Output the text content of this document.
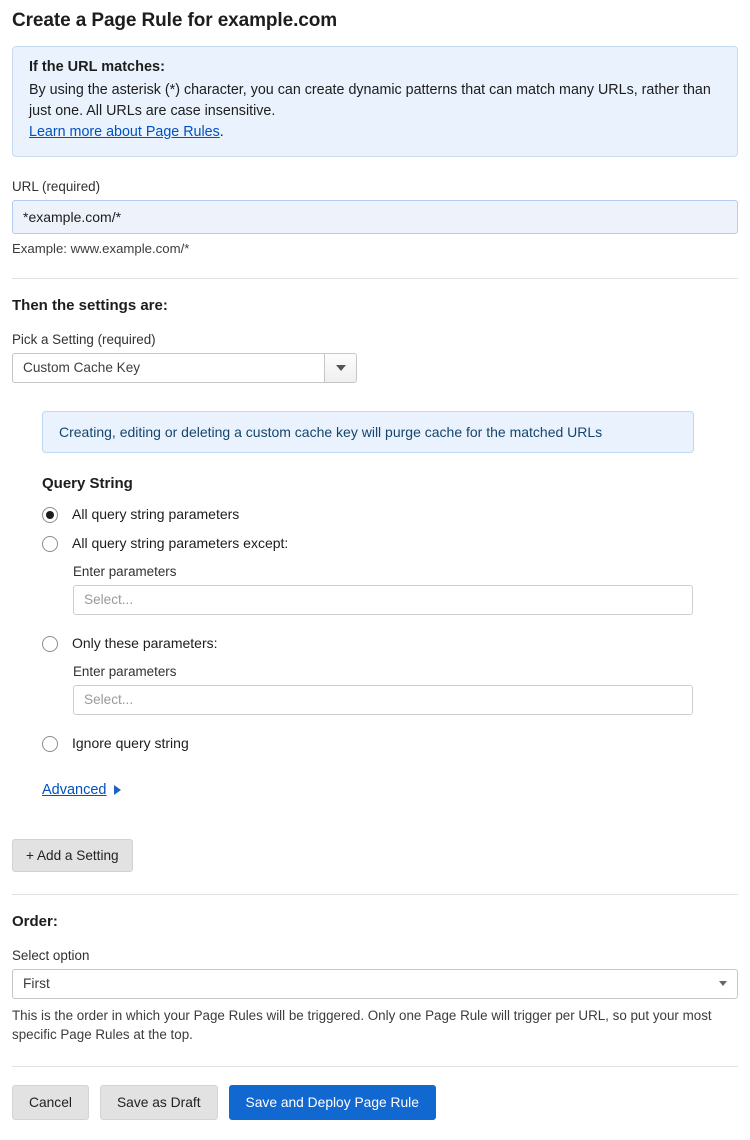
Create a Page Rule for example.com
If the URL matches:
By using the asterisk (*) character, you can create dynamic patterns that can match many URLs, rather than just one. All URLs are case insensitive.
Learn more about Page Rules.
URL (required)
*example.com/*
Example: www.example.com/*
Then the settings are:
Pick a Setting (required)
Custom Cache Key
Creating, editing or deleting a custom cache key will purge cache for the matched URLs
Query String
All query string parameters
All query string parameters except:
Enter parameters
Select...
Only these parameters:
Enter parameters
Select...
Ignore query string
Advanced
+ Add a Setting
Order:
Select option
First
This is the order in which your Page Rules will be triggered. Only one Page Rule will trigger per URL, so put your most specific Page Rules at the top.
Cancel	Save as Draft	Save and Deploy Page Rule
